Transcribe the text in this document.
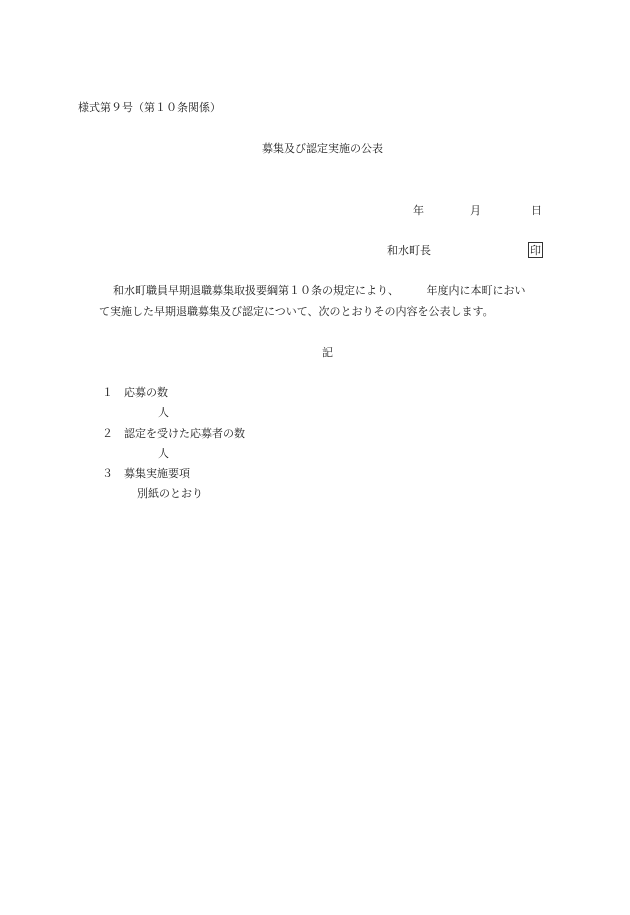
様式第９号（第１０条関係）
募集及び認定実施の公表
年	月	日
和水町長	印
和水町職員早期退職募集取扱要綱第１０条の規定により、　　　年度内に本町におい
て実施した早期退職募集及び認定について、次のとおりその内容を公表します。
記
１ 応募の数
人
２ 認定を受けた応募者の数
人
３ 募集実施要項
別紙のとおり
